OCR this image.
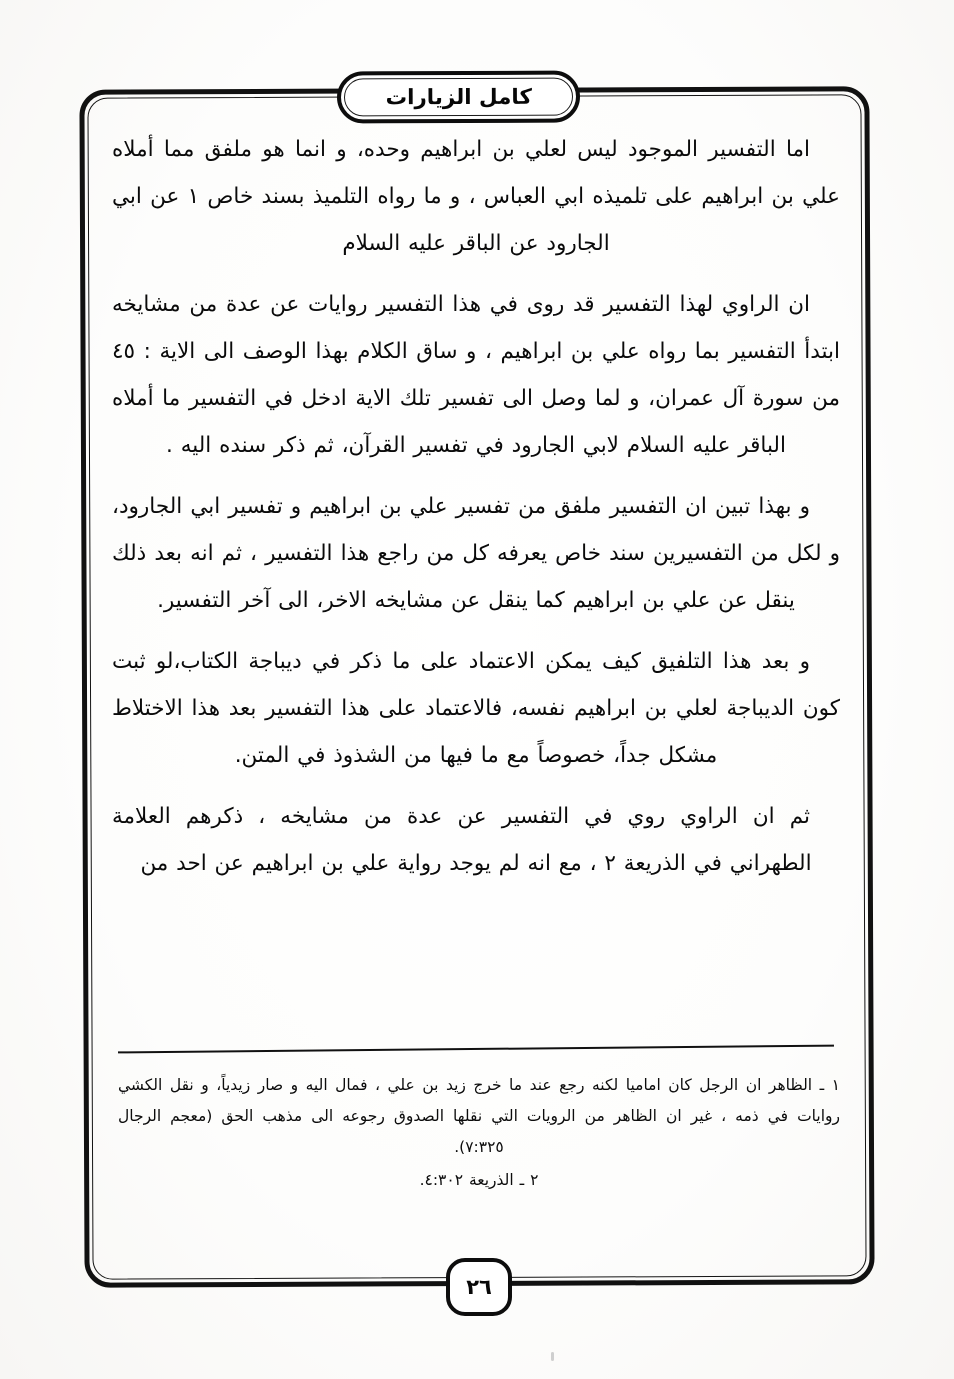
كامل الزيارات

اما التفسير الموجود ليس لعلي بن ابراهيم وحده، و انما هو ملفق مما أملاه علي بن ابراهيم على تلميذه ابي العباس ، و ما رواه التلميذ بسند خاص ١ عن ابي الجارود عن الباقر عليه السلام

ان الراوي لهذا التفسير قد روى في هذا التفسير روايات عن عدة من مشايخه ابتدأ التفسير بما رواه علي بن ابراهيم ، و ساق الكلام بهذا الوصف الى الاية : ٤٥ من سورة آل عمران، و لما وصل الى تفسير تلك الاية ادخل في التفسير ما أملاه الباقر عليه السلام لابي الجارود في تفسير القرآن، ثم ذكر سنده اليه .

و بهذا تبين ان التفسير ملفق من تفسير علي بن ابراهيم و تفسير ابي الجارود، و لكل من التفسيرين سند خاص يعرفه كل من راجع هذا التفسير ، ثم انه بعد ذلك ينقل عن علي بن ابراهيم كما ينقل عن مشايخه الاخر، الى آخر التفسير.

و بعد هذا التلفيق كيف يمكن الاعتماد على ما ذكر في ديباجة الكتاب،لو ثبت كون الديباجة لعلي بن ابراهيم نفسه، فالاعتماد على هذا التفسير بعد هذا الاختلاط مشكل جداً، خصوصاً مع ما فيها من الشذوذ في المتن.

ثم ان الراوي روي في التفسير عن عدة من مشايخه ، ذكرهم العلامة الطهراني في الذريعة ٢ ، مع انه لم يوجد رواية علي بن ابراهيم عن احد من

١ ـ الظاهر ان الرجل كان اماميا لكنه رجع عند ما خرج زيد بن علي ، فمال اليه و صار زيدياً، و نقل الكشي روايات في ذمه ، غير ان الظاهر من الرويات التي نقلها الصدوق رجوعه الى مذهب الحق (معجم الرجال ٧:٣٢٥).

٢ ـ الذريعة ٤:٣٠٢.

٢٦
